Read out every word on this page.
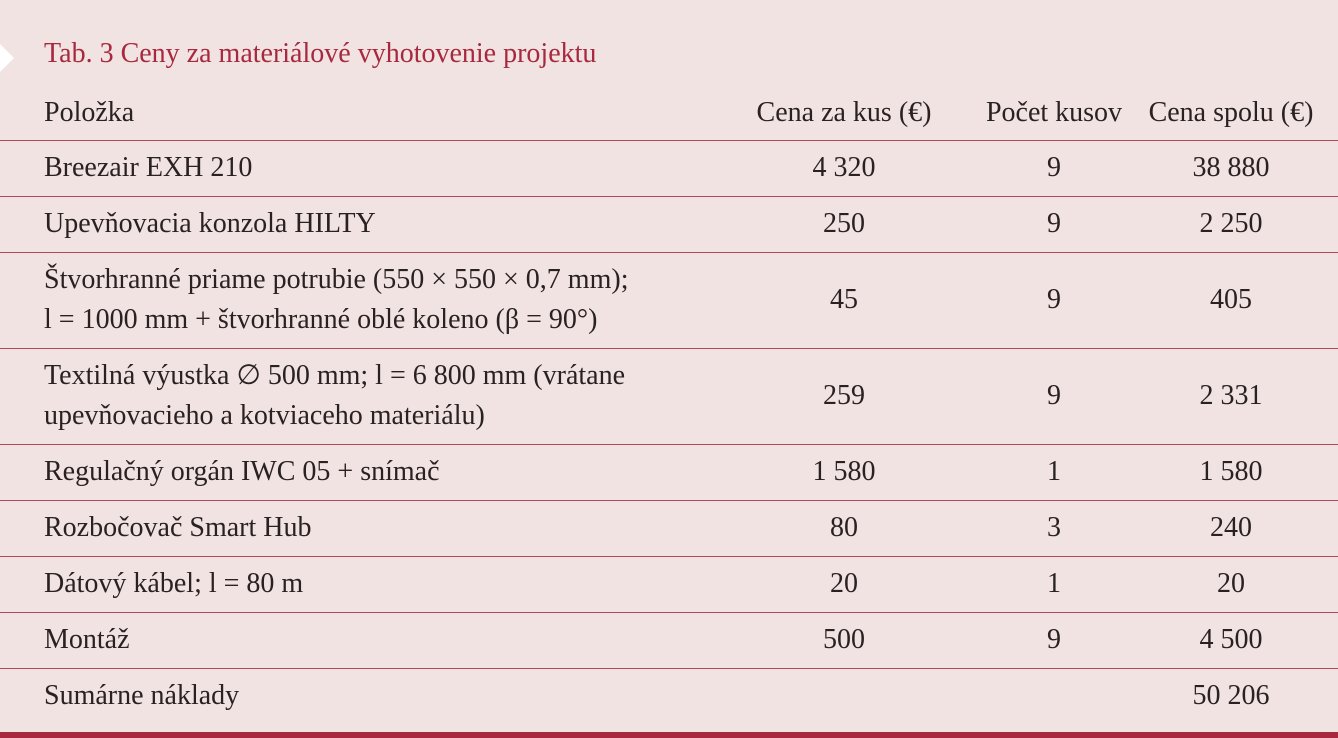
Tab. 3 Ceny za materiálové vyhotovenie projektu
Položka	Cena za kus (€)	Počet kusov	Cena spolu (€)
Breezair EXH 210	4 320	9	38 880
Upevňovacia konzola HILTY	250	9	2 250
Štvorhranné priame potrubie (550 × 550 × 0,7 mm);
l = 1000 mm + štvorhranné oblé koleno (β = 90°)	45	9	405
Textilná výustka ∅ 500 mm; l = 6 800 mm (vrátane
upevňovacieho a kotviaceho materiálu)	259	9	2 331
Regulačný orgán IWC 05 + snímač	1 580	1	1 580
Rozbočovač Smart Hub	80	3	240
Dátový kábel; l = 80 m	20	1	20
Montáž	500	9	4 500
Sumárne náklady			50 206
